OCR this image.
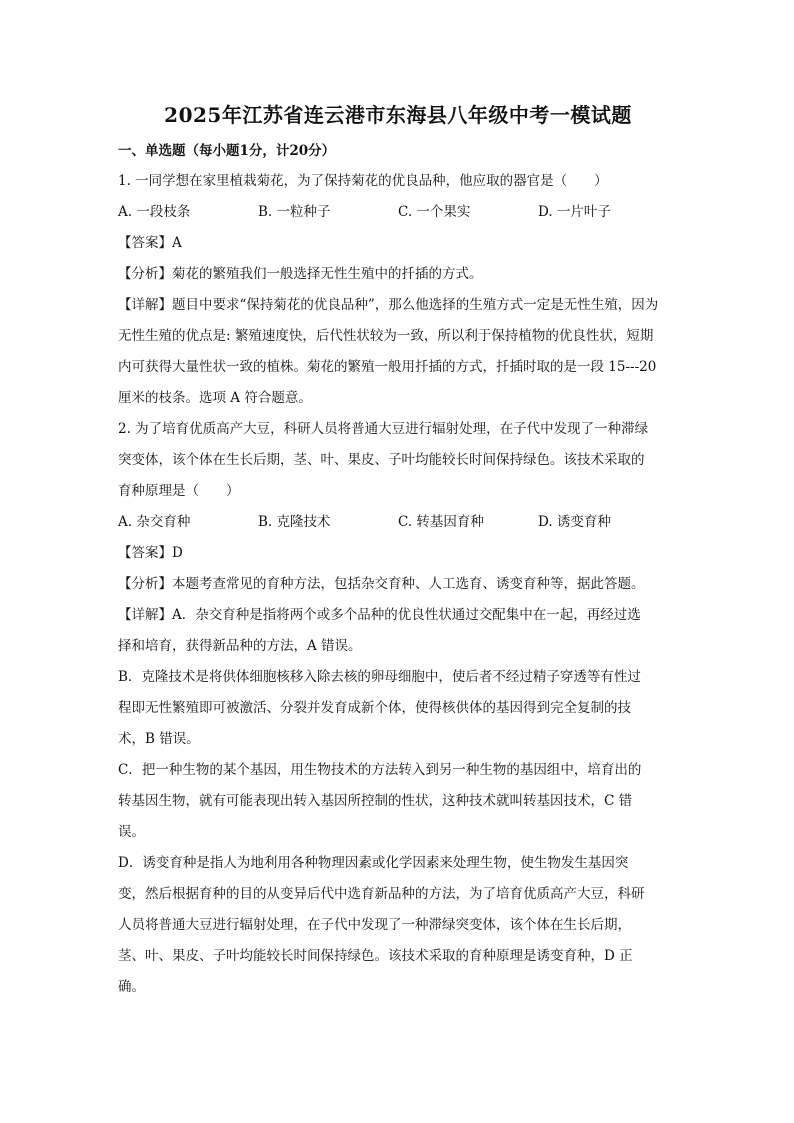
2025年江苏省连云港市东海县八年级中考一模试题

一、单选题（每小题1分，计20分）

1. 一同学想在家里植栽菊花，为了保持菊花的优良品种，他应取的器官是（　　）

A. 一段枝条	B. 一粒种子	C. 一个果实	D. 一片叶子

【答案】A

【分析】菊花的繁殖我们一般选择无性生殖中的扦插的方式。

【详解】题目中要求“保持菊花的优良品种”，那么他选择的生殖方式一定是无性生殖，因为

无性生殖的优点是: 繁殖速度快，后代性状较为一致，所以利于保持植物的优良性状，短期

内可获得大量性状一致的植株。菊花的繁殖一般用扦插的方式，扦插时取的是一段 15---20

厘米的枝条。选项 A 符合题意。

2. 为了培育优质高产大豆，科研人员将普通大豆进行辐射处理，在子代中发现了一种滞绿

突变体，该个体在生长后期，茎、叶、果皮、子叶均能较长时间保持绿色。该技术采取的

育种原理是（　　）

A. 杂交育种	B. 克隆技术	C. 转基因育种	D. 诱变育种

【答案】D

【分析】本题考查常见的育种方法，包括杂交育种、人工选育、诱变育种等，据此答题。

【详解】A．杂交育种是指将两个或多个品种的优良性状通过交配集中在一起，再经过选

择和培育，获得新品种的方法，A 错误。

B．克隆技术是将供体细胞核移入除去核的卵母细胞中，使后者不经过精子穿透等有性过

程即无性繁殖即可被激活、分裂并发育成新个体，使得核供体的基因得到完全复制的技

术，B 错误。

C．把一种生物的某个基因，用生物技术的方法转入到另一种生物的基因组中，培育出的

转基因生物，就有可能表现出转入基因所控制的性状，这种技术就叫转基因技术，C 错

误。

D．诱变育种是指人为地利用各种物理因素或化学因素来处理生物，使生物发生基因突

变，然后根据育种的目的从变异后代中选育新品种的方法，为了培育优质高产大豆，科研

人员将普通大豆进行辐射处理，在子代中发现了一种滞绿突变体，该个体在生长后期，

茎、叶、果皮、子叶均能较长时间保持绿色。该技术采取的育种原理是诱变育种，D 正

确。
